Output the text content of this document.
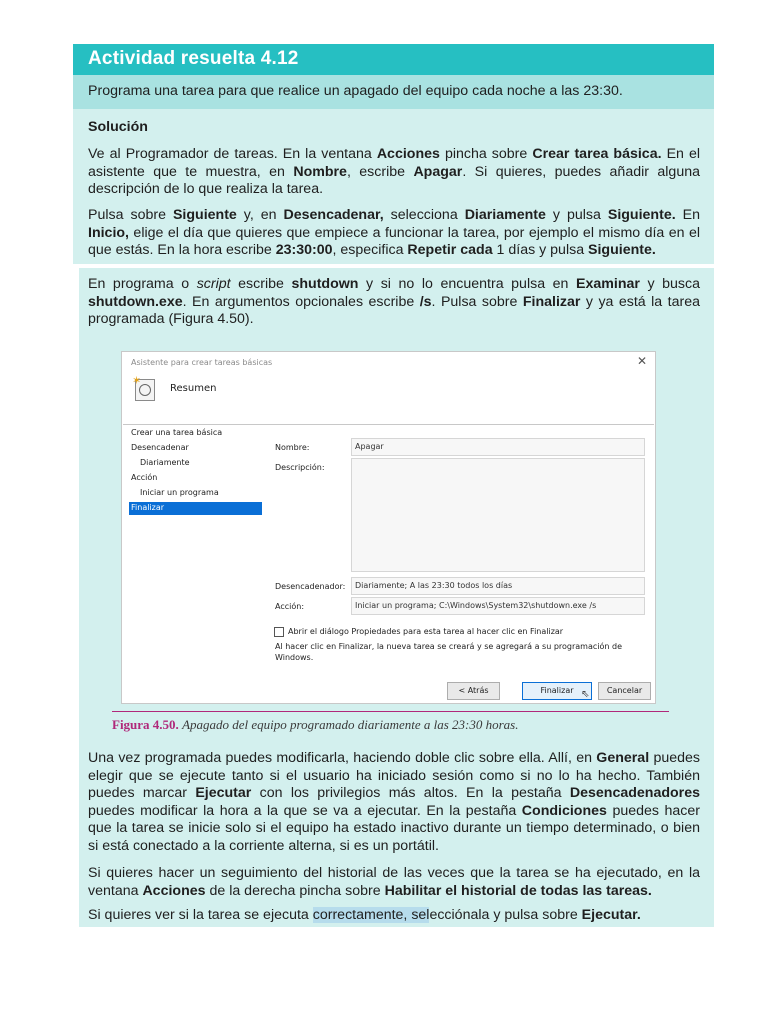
Actividad resuelta 4.12
Programa una tarea para que realice un apagado del equipo cada noche a las 23:30.
Solución

Ve al Programador de tareas. En la ventana Acciones pincha sobre Crear tarea básica. En el asistente que te muestra, en Nombre, escribe Apagar. Si quieres, puedes añadir alguna descripción de lo que realiza la tarea.

Pulsa sobre Siguiente y, en Desencadenar, selecciona Diariamente y pulsa Siguiente. En Inicio, elige el día que quieres que empiece a funcionar la tarea, por ejemplo el mismo día en el que estás. En la hora escribe 23:30:00, especifica Repetir cada 1 días y pulsa Siguiente.

En programa o script escribe shutdown y si no lo encuentra pulsa en Examinar y busca shutdown.exe. En argumentos opcionales escribe /s. Pulsa sobre Finalizar y ya está la tarea programada (Figura 4.50).

Asistente para crear tareas básicas	✕
✶
Resumen
Crear una tarea básica
Desencadenar
Diariamente
Acción
Iniciar un programa
Finalizar
Nombre:	Apagar
Descripción:
Desencadenador: Diariamente; A las 23:30 todos los días
Acción:	Iniciar un programa; C:\Windows\System32\shutdown.exe /s
Abrir el diálogo Propiedades para esta tarea al hacer clic en Finalizar
Al hacer clic en Finalizar, la nueva tarea se creará y se agregará a su programación de
Windows.
< Atrás	Finalizar ⇖	Cancelar
Figura 4.50. Apagado del equipo programado diariamente a las 23:30 horas.

Una vez programada puedes modificarla, haciendo doble clic sobre ella. Allí, en General puedes elegir que se ejecute tanto si el usuario ha iniciado sesión como si no lo ha hecho. También puedes marcar Ejecutar con los privilegios más altos. En la pestaña Desencadenadores puedes modificar la hora a la que se va a ejecutar. En la pestaña Condiciones puedes hacer que la tarea se inicie solo si el equipo ha estado inactivo durante un tiempo determinado, o bien si está conectado a la corriente alterna, si es un portátil.

Si quieres hacer un seguimiento del historial de las veces que la tarea se ha ejecutado, en la ventana Acciones de la derecha pincha sobre Habilitar el historial de todas las tareas.

Si quieres ver si la tarea se ejecuta correctamente, selecciónala y pulsa sobre Ejecutar.
